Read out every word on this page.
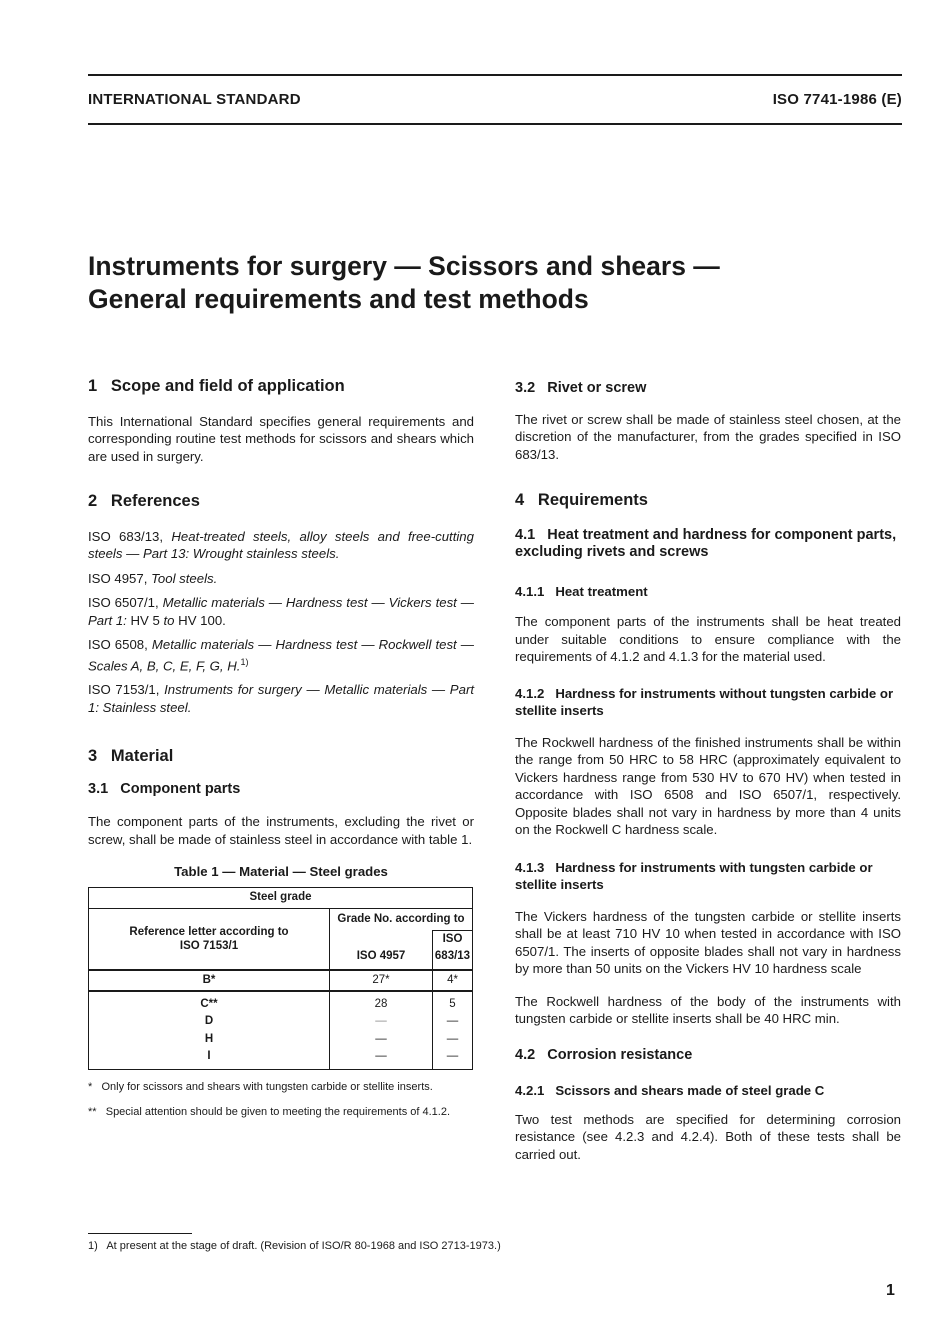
INTERNATIONAL STANDARD	ISO 7741-1986 (E)
Instruments for surgery — Scissors and shears —
General requirements and test methods

1   Scope and field of application

This International Standard specifies general requirements and corresponding routine test methods for scissors and shears which are used in surgery.

2   References

ISO 683/13, Heat-treated steels, alloy steels and free-cutting steels — Part 13: Wrought stainless steels.

ISO 4957, Tool steels.

ISO 6507/1, Metallic materials — Hardness test — Vickers test — Part 1: HV 5 to HV 100.

ISO 6508, Metallic materials — Hardness test — Rockwell test — Scales A, B, C, E, F, G, H.$^{1)}$

ISO 7153/1, Instruments for surgery — Metallic materials — Part 1: Stainless steel.

3   Material

3.1   Component parts

The component parts of the instruments, excluding the rivet or screw, shall be made of stainless steel in accordance with table 1.

Table 1 — Material — Steel grades

Steel grade		
Reference letter according to ISO 7153/1	Grade No. according to	
	ISO 4957	ISO 683/13
B*	27*	4*
C**	28	5
D	—	—
H	—	—
I	—	—

*   Only for scissors and shears with tungsten carbide or stellite inserts.

**   Special attention should be given to meeting the requirements of 4.1.2.

3.2   Rivet or screw

The rivet or screw shall be made of stainless steel chosen, at the discretion of the manufacturer, from the grades specified in ISO 683/13.

4   Requirements

4.1   Heat treatment and hardness for component parts, excluding rivets and screws

4.1.1   Heat treatment

The component parts of the instruments shall be heat treated under suitable conditions to ensure compliance with the requirements of 4.1.2 and 4.1.3 for the material used.

4.1.2   Hardness for instruments without tungsten carbide or stellite inserts

The Rockwell hardness of the finished instruments shall be within the range from 50 HRC to 58 HRC (approximately equivalent to Vickers hardness range from 530 HV to 670 HV) when tested in accordance with ISO 6508 and ISO 6507/1, respectively. Opposite blades shall not vary in hardness by more than 4 units on the Rockwell C hardness scale.

4.1.3   Hardness for instruments with tungsten carbide or stellite inserts

The Vickers hardness of the tungsten carbide or stellite inserts shall be at least 710 HV 10 when tested in accordance with ISO 6507/1. The inserts of opposite blades shall not vary in hardness by more than 50 units on the Vickers HV 10 hardness scale

The Rockwell hardness of the body of the instruments with tungsten carbide or stellite inserts shall be 40 HRC min.

4.2   Corrosion resistance

4.2.1   Scissors and shears made of steel grade C

Two test methods are specified for determining corrosion resistance (see 4.2.3 and 4.2.4). Both of these tests shall be carried out.

1)   At present at the stage of draft. (Revision of ISO/R 80-1968 and ISO 2713-1973.)
1
